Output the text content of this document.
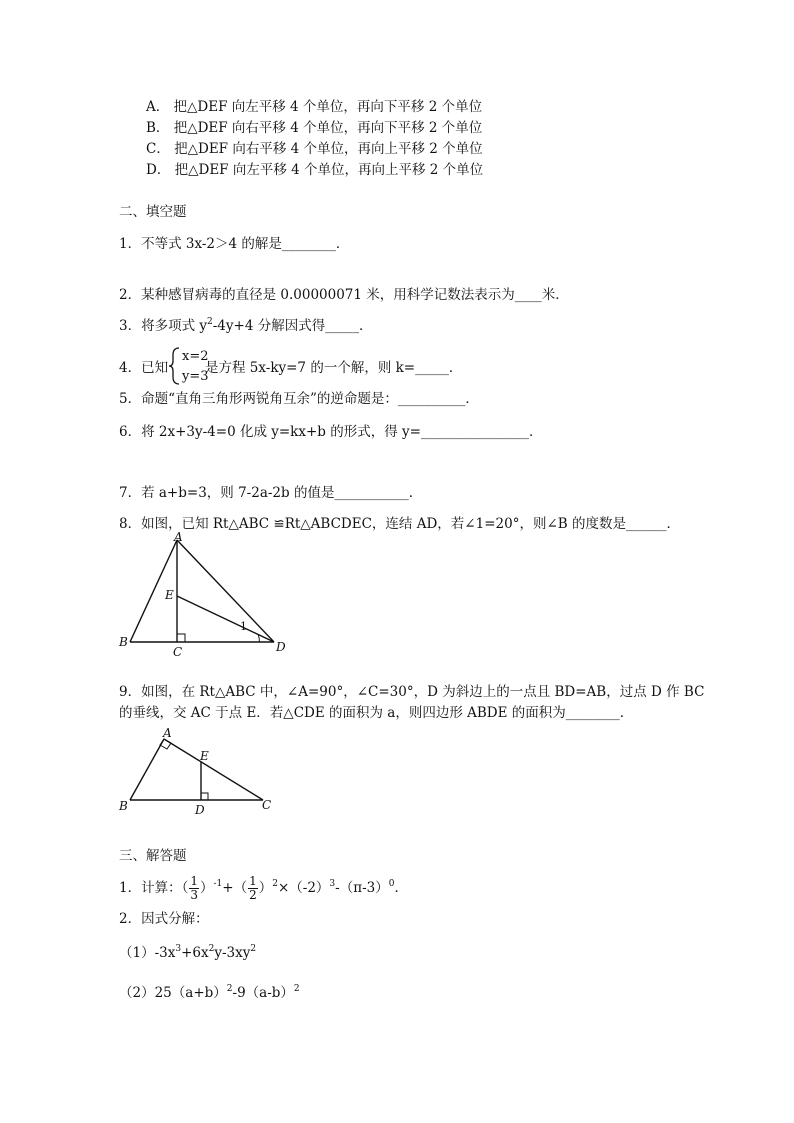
A． 把△DEF 向左平移 4 个单位，再向下平移 2 个单位
B． 把△DEF 向右平移 4 个单位，再向下平移 2 个单位
C． 把△DEF 向右平移 4 个单位，再向上平移 2 个单位
D． 把△DEF 向左平移 4 个单位，再向上平移 2 个单位
二、填空题
1．不等式 3x-2＞4 的解是________．
2．某种感冒病毒的直径是 0.00000071 米，用科学记数法表示为____米．
3．将多项式 $y^2-4y+4$ 分解因式得_____．
4．已知
x=2
y=3
是方程 5x-ky=7 的一个解，则 k=_____．
5．命题“直角三角形两锐角互余”的逆命题是：__________．
6．将 2x+3y-4=0 化成 y=kx+b 的形式，得 y=________________．
7．若 a+b=3，则 7-2a-2b 的值是___________．
8．如图，已知 Rt△ABC ≌Rt△ABCDEC，连结 AD，若∠1=20°，则∠B 的度数是______．
A
E
B
C	D
1
9．如图，在 Rt△ABC 中，∠A=90°，∠C=30°，D 为斜边上的一点且 BD=AB，过点 D 作 BC
的垂线，交 AC 于点 E．若△CDE 的面积为 a，则四边形 ABDE 的面积为________．
A
E
B	D	C
三、解答题
1．计算：（ $\frac{1}{3} )^{-1}+( \frac{1}{2} )^2\times(-2)^3-(\pi-3)^0$．
2．因式分解：
$(1)-3x^3+6x^2y-3xy^2$
$(2)25(a+b)^2-9(a-b)^2$
